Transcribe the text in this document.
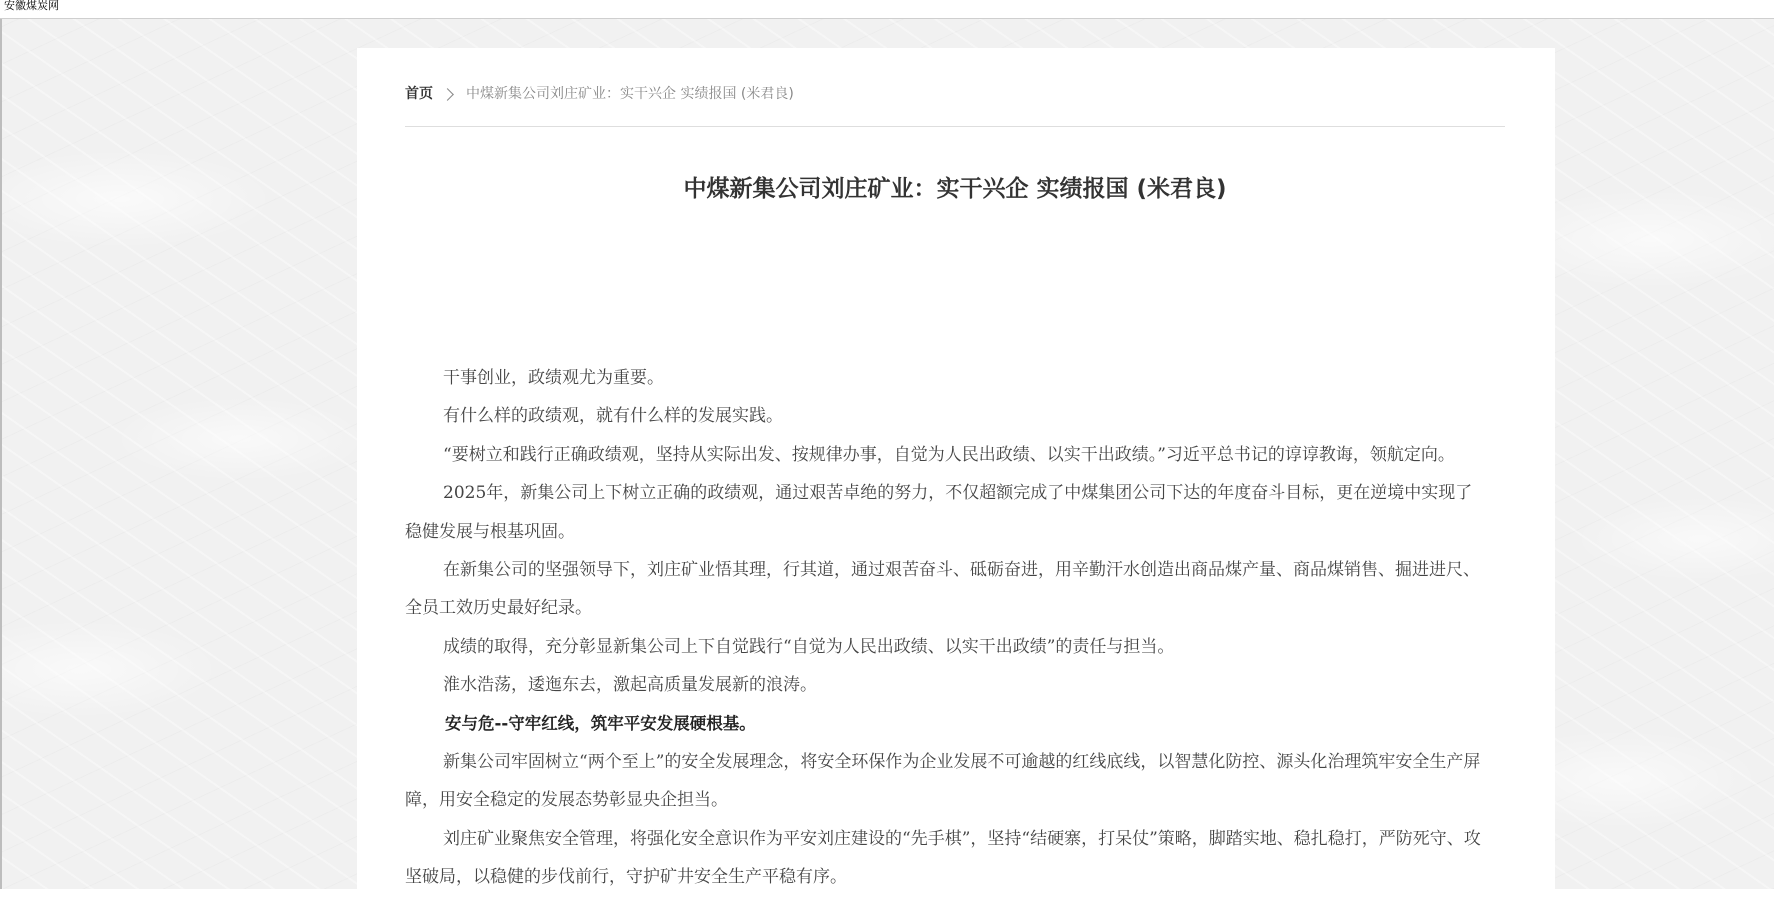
安徽煤炭网
首页 中煤新集公司刘庄矿业：实干兴企 实绩报国 (米君良)
中煤新集公司刘庄矿业：实干兴企 实绩报国 (米君良)

干事创业，政绩观尤为重要。

有什么样的政绩观，就有什么样的发展实践。

“要树立和践行正确政绩观，坚持从实际出发、按规律办事，自觉为人民出政绩、以实干出政绩。”习近平总书记的谆谆教诲，领航定向。

2025年，新集公司上下树立正确的政绩观，通过艰苦卓绝的努力，不仅超额完成了中煤集团公司下达的年度奋斗目标，更在逆境中实现了稳健发展与根基巩固。

在新集公司的坚强领导下，刘庄矿业悟其理，行其道，通过艰苦奋斗、砥砺奋进，用辛勤汗水创造出商品煤产量、商品煤销售、掘进进尺、全员工效历史最好纪录。

成绩的取得，充分彰显新集公司上下自觉践行“自觉为人民出政绩、以实干出政绩”的责任与担当。

淮水浩荡，逶迤东去，激起高质量发展新的浪涛。

安与危--守牢红线，筑牢平安发展硬根基。

新集公司牢固树立“两个至上”的安全发展理念，将安全环保作为企业发展不可逾越的红线底线，以智慧化防控、源头化治理筑牢安全生产屏障，用安全稳定的发展态势彰显央企担当。

刘庄矿业聚焦安全管理，将强化安全意识作为平安刘庄建设的“先手棋”，坚持“结硬寨，打呆仗”策略，脚踏实地、稳扎稳打，严防死守、攻坚破局，以稳健的步伐前行，守护矿井安全生产平稳有序。
